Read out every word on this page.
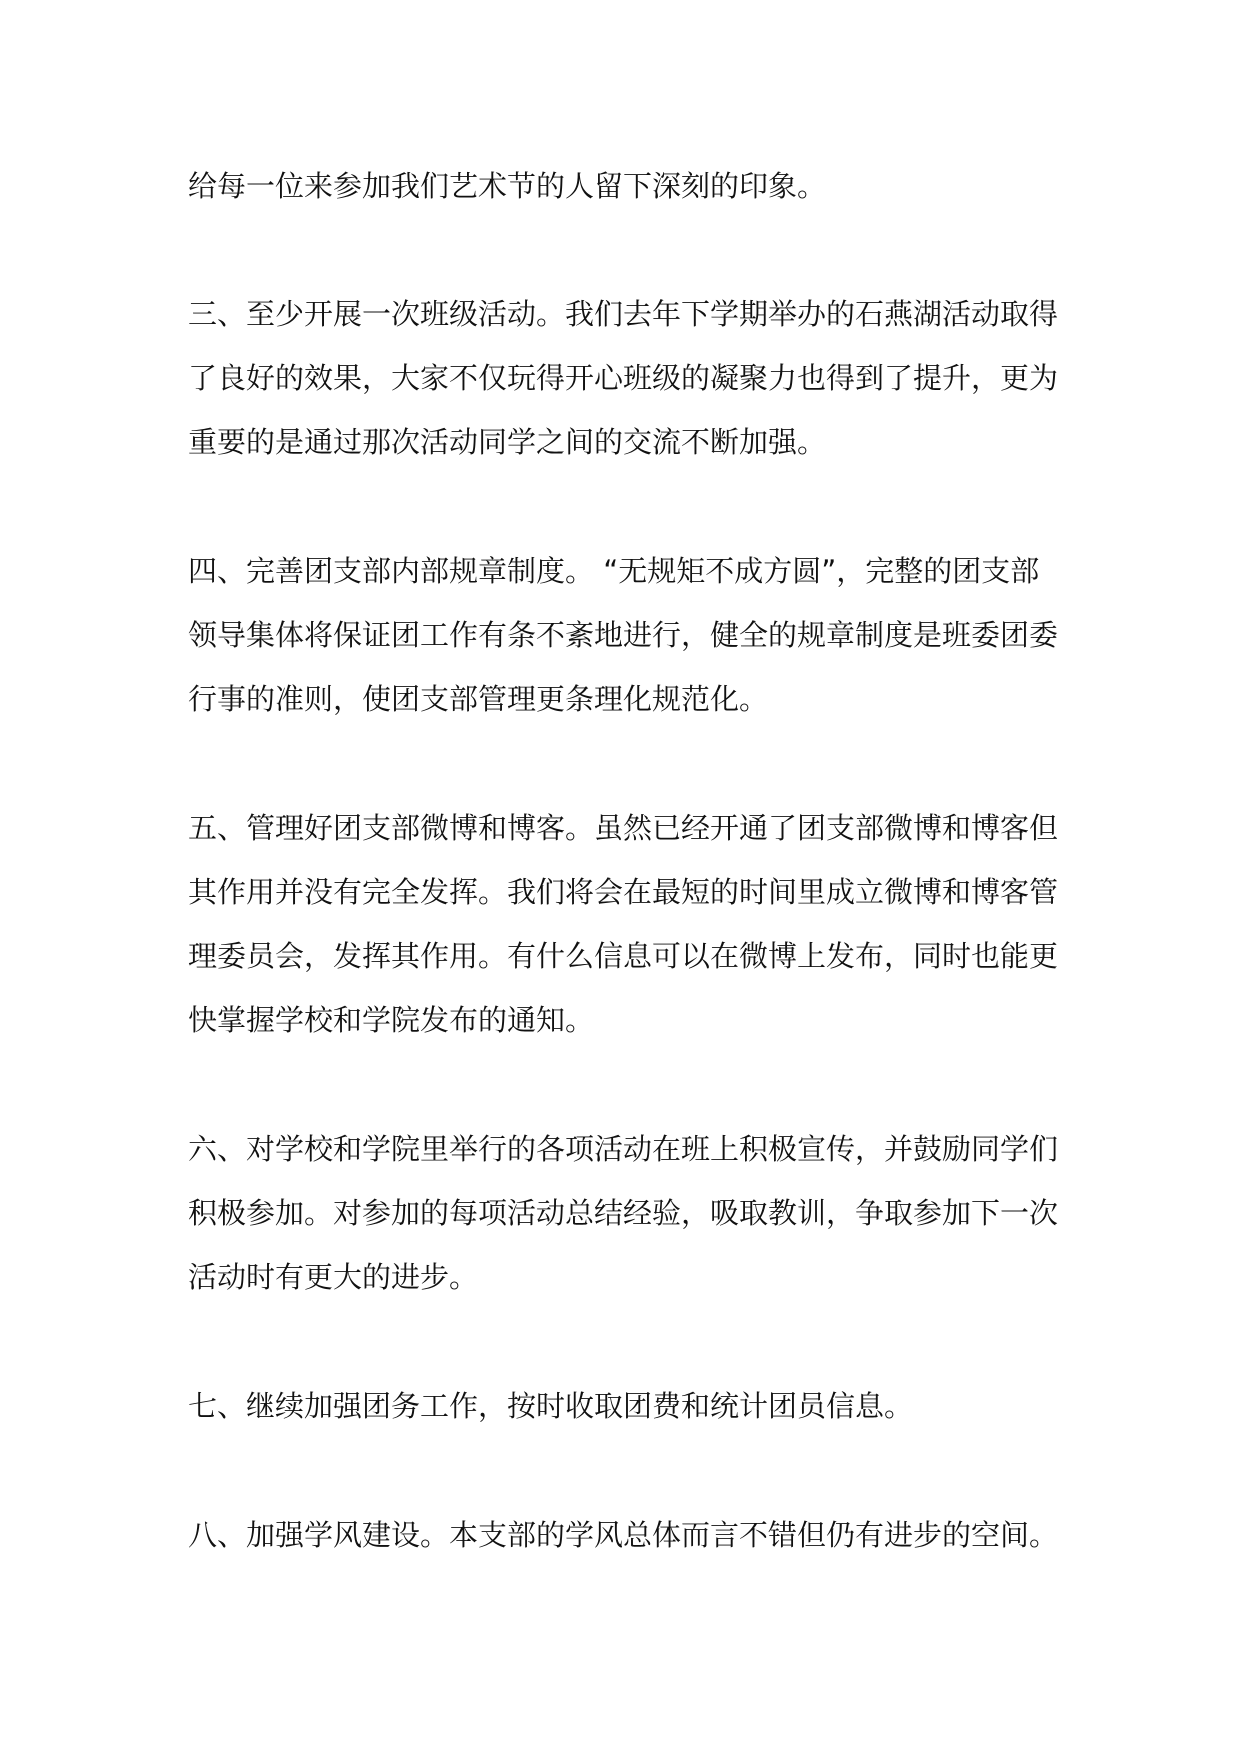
给每一位来参加我们艺术节的人留下深刻的印象。
三、至少开展一次班级活动。我们去年下学期举办的石燕湖活动取得
了良好的效果，大家不仅玩得开心班级的凝聚力也得到了提升，更为
重要的是通过那次活动同学之间的交流不断加强。
四、完善团支部内部规章制度。 “无规矩不成方圆”，完整的团支部
领导集体将保证团工作有条不紊地进行，健全的规章制度是班委团委
行事的准则，使团支部管理更条理化规范化。
五、管理好团支部微博和博客。虽然已经开通了团支部微博和博客但
其作用并没有完全发挥。我们将会在最短的时间里成立微博和博客管
理委员会，发挥其作用。有什么信息可以在微博上发布，同时也能更
快掌握学校和学院发布的通知。
六、对学校和学院里举行的各项活动在班上积极宣传，并鼓励同学们
积极参加。对参加的每项活动总结经验，吸取教训，争取参加下一次
活动时有更大的进步。
七、继续加强团务工作，按时收取团费和统计团员信息。
八、加强学风建设。本支部的学风总体而言不错但仍有进步的空间。
